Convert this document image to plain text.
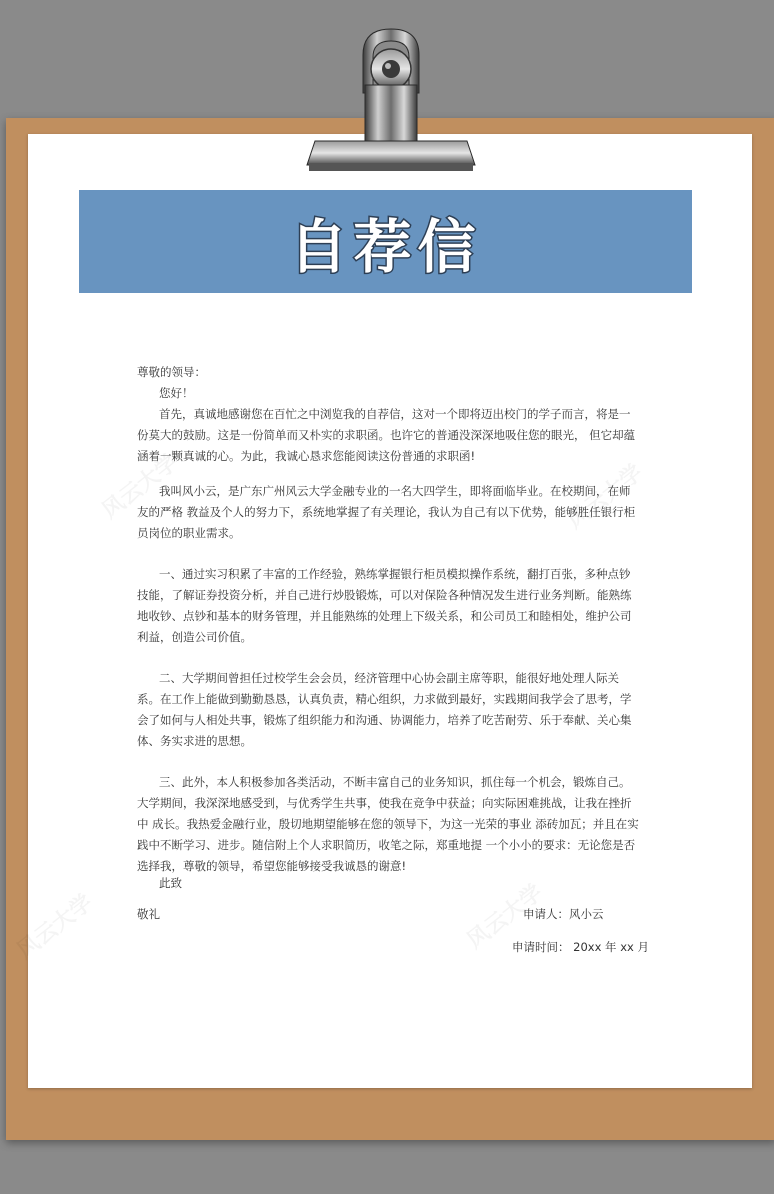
自荐信

尊敬的领导：

您好！

首先，真诚地感谢您在百忙之中浏览我的自荐信，这对一个即将迈出校门的学子而言，将是一份莫大的鼓励。这是一份简单而又朴实的求职函。也许它的普通没深深地吸住您的眼光， 但它却蕴涵着一颗真诚的心。为此，我诚心恳求您能阅读这份普通的求职函!

我叫风小云，是广东广州风云大学金融专业的一名大四学生，即将面临毕业。在校期间，在师友的严格 教益及个人的努力下，系统地掌握了有关理论，我认为自己有以下优势，能够胜任银行柜员岗位的职业需求。

一、通过实习积累了丰富的工作经验，熟练掌握银行柜员模拟操作系统，翻打百张，多种点钞技能，了解证券投资分析，并自己进行炒股锻炼，可以对保险各种情况发生进行业务判断。能熟练地收钞、点钞和基本的财务管理，并且能熟练的处理上下级关系，和公司员工和睦相处，维护公司利益，创造公司价值。

二、大学期间曾担任过校学生会会员，经济管理中心协会副主席等职，能很好地处理人际关系。在工作上能做到勤勤恳恳，认真负责，精心组织，力求做到最好，实践期间我学会了思考，学会了如何与人相处共事，锻炼了组织能力和沟通、协调能力，培养了吃苦耐劳、乐于奉献、关心集体、务实求进的思想。

三、此外，本人积极参加各类活动，不断丰富自己的业务知识，抓住每一个机会，锻炼自己。大学期间，我深深地感受到，与优秀学生共事，使我在竞争中获益；向实际困难挑战，让我在挫折中 成长。我热爱金融行业，殷切地期望能够在您的领导下，为这一光荣的事业 添砖加瓦；并且在实践中不断学习、进步。随信附上个人求职简历，收笔之际，郑重地提 一个小小的要求：无论您是否选择我，尊敬的领导，希望您能够接受我诚恳的谢意!

此致
敬礼	申请人：风小云
申请时间： 20xx 年 xx 月
